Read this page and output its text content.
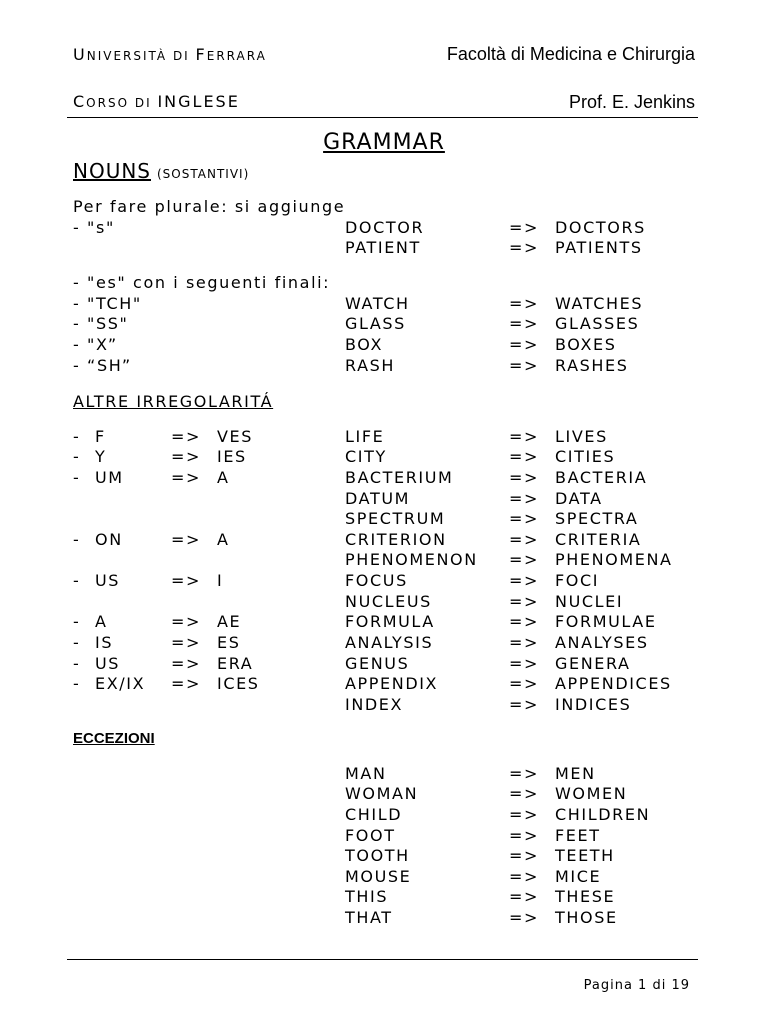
UNIVERSITÀ DI FERRARA	Facoltà di Medicina e Chirurgia
CORSO DI INGLESE	Prof. E. Jenkins
GRAMMAR
NOUNS (SOSTANTIVI)
Per fare plurale: si aggiunge
- "s"	DOCTOR	=> DOCTORS
PATIENT	=> PATIENTS
- "es" con i seguenti finali:
- "TCH"	WATCH	=> WATCHES
- "SS"	GLASS	=> GLASSES
- "X”	BOX	=> BOXES
- “SH”	RASH	=> RASHES
ALTRE IRREGOLARITÁ
- F	=> VES	LIFE	=> LIVES
- Y	=> IES	CITY	=> CITIES
- UM	=> A	BACTERIUM	=> BACTERIA
DATUM	=> DATA
SPECTRUM	=> SPECTRA
- ON	=> A	CRITERION	=> CRITERIA
PHENOMENON => PHENOMENA
- US	=> I	FOCUS	=> FOCI
NUCLEUS	=> NUCLEI
- A	=> AE	FORMULA	=> FORMULAE
- IS	=> ES	ANALYSIS	=> ANALYSES
- US	=> ERA	GENUS	=> GENERA
- EX/IX => ICES	APPENDIX	=> APPENDICES
INDEX	=> INDICES
ECCEZIONI
MAN	=> MEN
WOMAN	=> WOMEN
CHILD	=> CHILDREN
FOOT	=> FEET
TOOTH	=> TEETH
MOUSE	=> MICE
THIS	=> THESE
THAT	=> THOSE
Pagina 1 di 19
